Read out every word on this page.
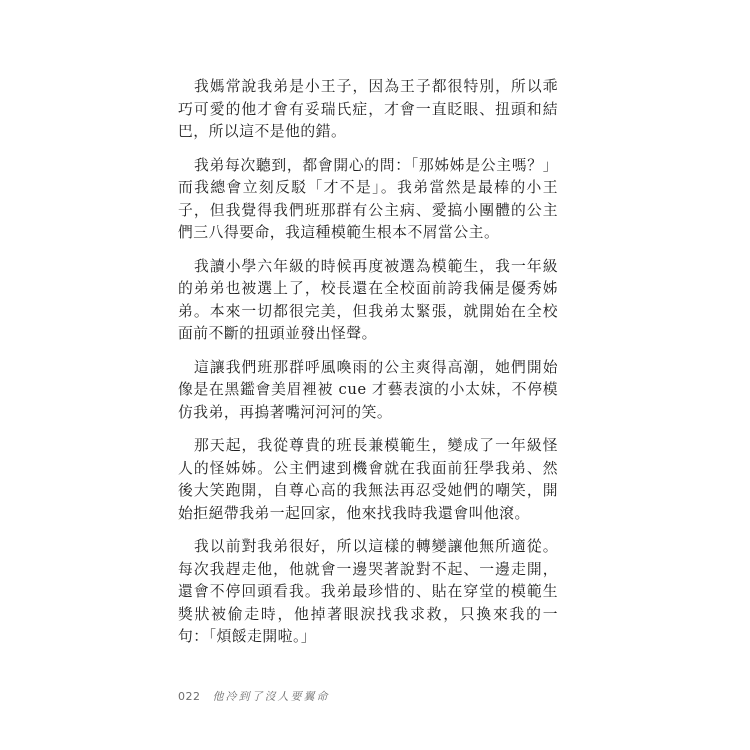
我媽常說我弟是小王子，因為王子都很特別，所以乖巧可愛的他才會有妥瑞氏症，才會一直眨眼、扭頭和結巴，所以這不是他的錯。

我弟每次聽到，都會開心的問：「那姊姊是公主嗎？」而我總會立刻反駁「才不是」。我弟當然是最棒的小王子，但我覺得我們班那群有公主病、愛搞小團體的公主們三八得要命，我這種模範生根本不屑當公主。

我讀小學六年級的時候再度被選為模範生，我一年級的弟弟也被選上了，校長還在全校面前誇我倆是優秀姊弟。本來一切都很完美，但我弟太緊張，就開始在全校面前不斷的扭頭並發出怪聲。

這讓我們班那群呼風喚雨的公主爽得高潮，她們開始像是在黑鑑會美眉裡被 cue 才藝表演的小太妹，不停模仿我弟，再摀著嘴河河河的笑。

那天起，我從尊貴的班長兼模範生，變成了一年級怪人的怪姊姊。公主們逮到機會就在我面前狂學我弟、然後大笑跑開，自尊心高的我無法再忍受她們的嘲笑，開始拒絕帶我弟一起回家，他來找我時我還會叫他滾。

我以前對我弟很好，所以這樣的轉變讓他無所適從。每次我趕走他，他就會一邊哭著說對不起、一邊走開，還會不停回頭看我。我弟最珍惜的、貼在穿堂的模範生獎狀被偷走時，他掉著眼淚找我求救，只換來我的一句：「煩餒走開啦。」

022 他冷到了沒人要翼命
